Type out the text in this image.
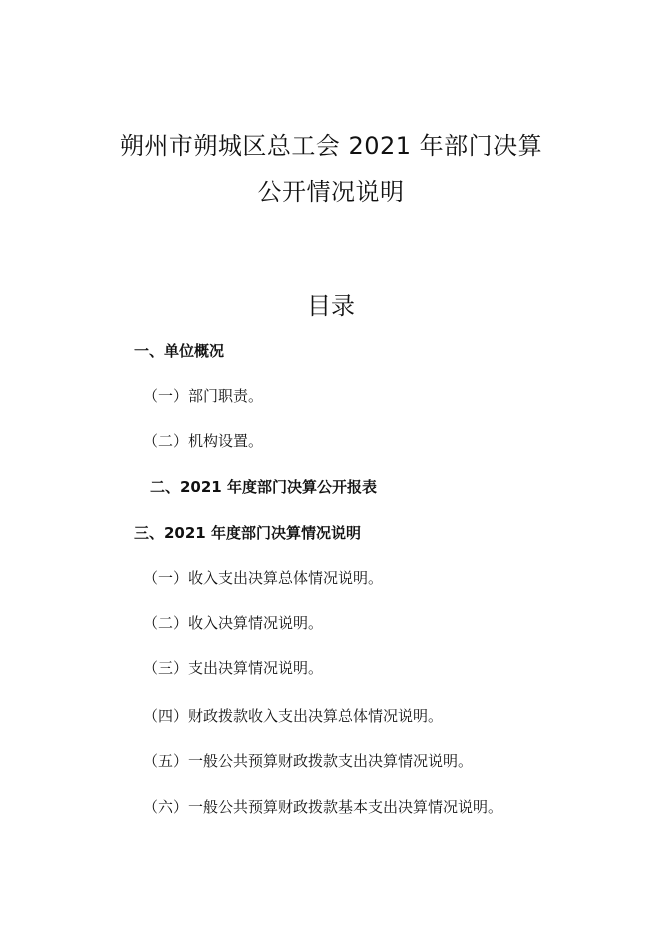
朔州市朔城区总工会 2021 年部门决算
公开情况说明
目录
一、单位概况
（一）部门职责。
（二）机构设置。
二、2021 年度部门决算公开报表
三、2021 年度部门决算情况说明
（一）收入支出决算总体情况说明。
（二）收入决算情况说明。
（三）支出决算情况说明。
（四）财政拨款收入支出决算总体情况说明。
（五）一般公共预算财政拨款支出决算情况说明。
（六）一般公共预算财政拨款基本支出决算情况说明。
